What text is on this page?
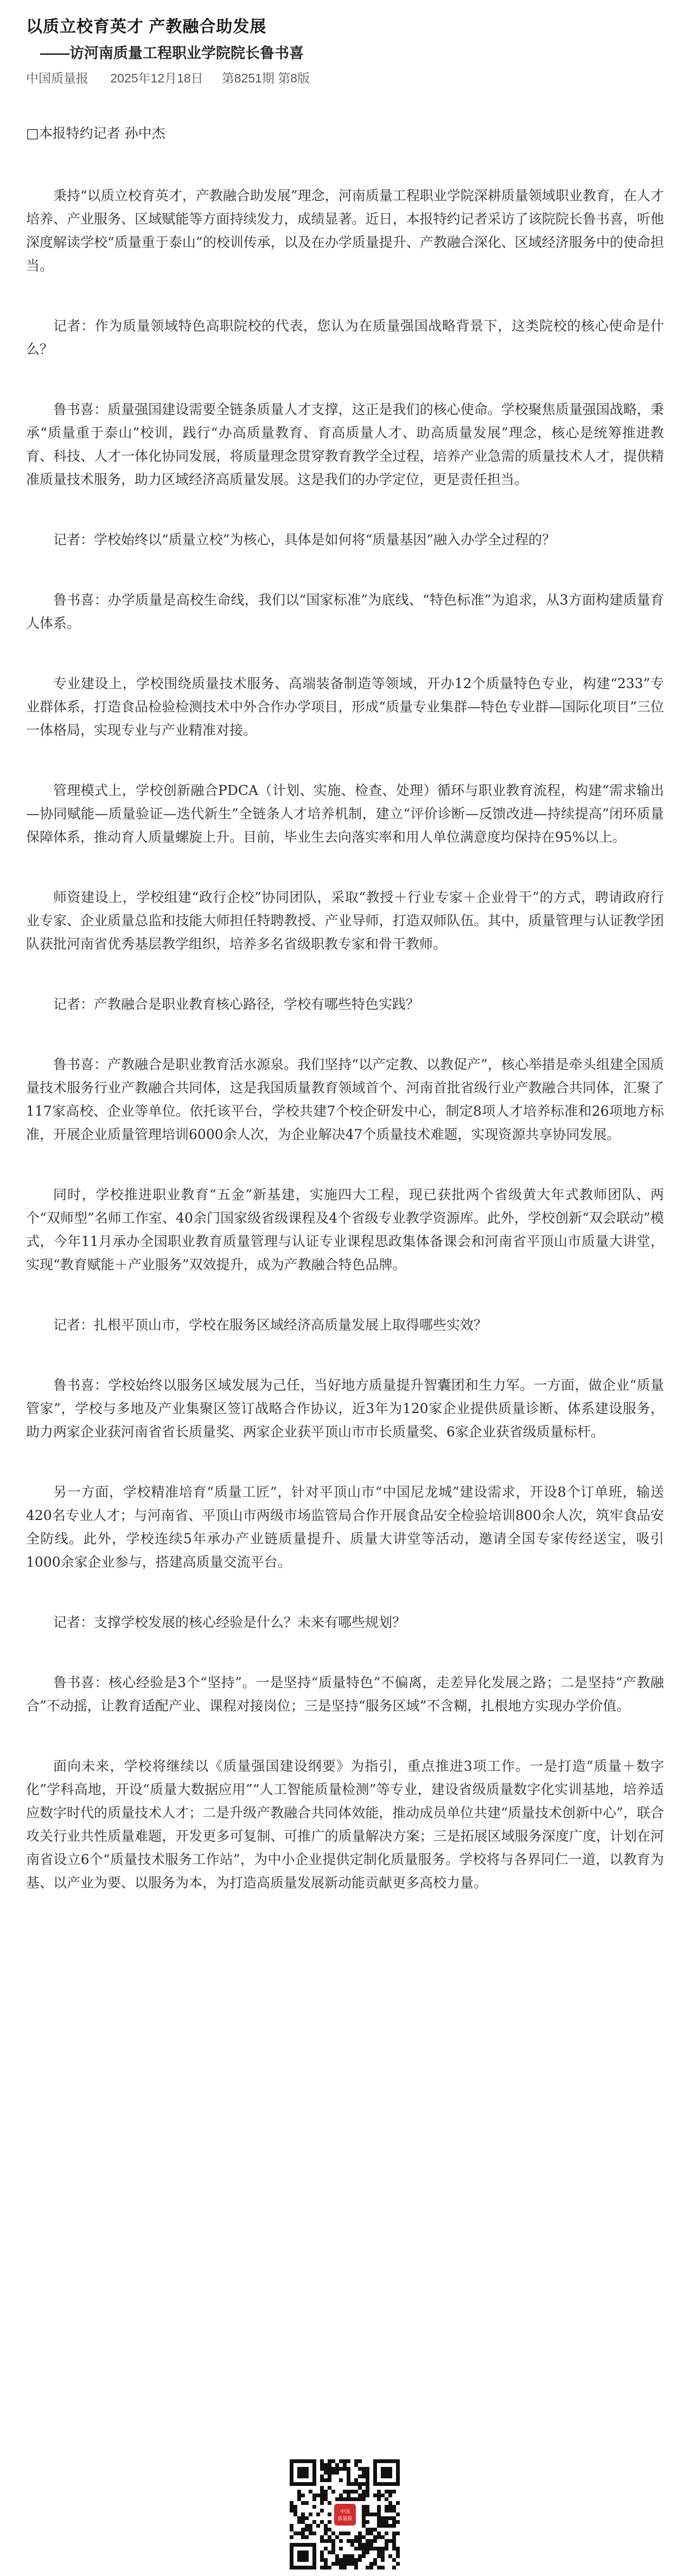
以质立校育英才 产教融合助发展
——访河南质量工程职业学院院长鲁书喜
中国质量报 2025年12月18日 第8251期 第8版

□本报特约记者 孙中杰

秉持“以质立校育英才，产教融合助发展”理念，河南质量工程职业学院深耕质量领域职业教育，在人才培养、产业服务、区域赋能等方面持续发力，成绩显著。近日，本报特约记者采访了该院院长鲁书喜，听他深度解读学校“质量重于泰山”的校训传承，以及在办学质量提升、产教融合深化、区域经济服务中的使命担当。

记者：作为质量领域特色高职院校的代表，您认为在质量强国战略背景下，这类院校的核心使命是什么？

鲁书喜：质量强国建设需要全链条质量人才支撑，这正是我们的核心使命。学校聚焦质量强国战略，秉承“质量重于泰山”校训，践行“办高质量教育、育高质量人才、助高质量发展”理念，核心是统筹推进教育、科技、人才一体化协同发展，将质量理念贯穿教育教学全过程，培养产业急需的质量技术人才，提供精准质量技术服务，助力区域经济高质量发展。这是我们的办学定位，更是责任担当。

记者：学校始终以“质量立校”为核心，具体是如何将“质量基因”融入办学全过程的？

鲁书喜：办学质量是高校生命线，我们以“国家标准”为底线、“特色标准”为追求，从3方面构建质量育人体系。

专业建设上，学校围绕质量技术服务、高端装备制造等领域，开办12个质量特色专业，构建“233”专业群体系，打造食品检验检测技术中外合作办学项目，形成“质量专业集群—特色专业群—国际化项目”三位一体格局，实现专业与产业精准对接。

管理模式上，学校创新融合PDCA（计划、实施、检查、处理）循环与职业教育流程，构建“需求输出—协同赋能—质量验证—迭代新生”全链条人才培养机制，建立“评价诊断—反馈改进—持续提高”闭环质量保障体系，推动育人质量螺旋上升。目前，毕业生去向落实率和用人单位满意度均保持在95%以上。

师资建设上，学校组建“政行企校”协同团队，采取“教授＋行业专家＋企业骨干”的方式，聘请政府行业专家、企业质量总监和技能大师担任特聘教授、产业导师，打造双师队伍。其中，质量管理与认证教学团队获批河南省优秀基层教学组织，培养多名省级职教专家和骨干教师。

记者：产教融合是职业教育核心路径，学校有哪些特色实践？

鲁书喜：产教融合是职业教育活水源泉。我们坚持“以产定教、以教促产”，核心举措是牵头组建全国质量技术服务行业产教融合共同体，这是我国质量教育领域首个、河南首批省级行业产教融合共同体，汇聚了117家高校、企业等单位。依托该平台，学校共建7个校企研发中心，制定8项人才培养标准和26项地方标准，开展企业质量管理培训6000余人次，为企业解决47个质量技术难题，实现资源共享协同发展。

同时，学校推进职业教育“五金”新基建，实施四大工程，现已获批两个省级黄大年式教师团队、两个“双师型”名师工作室、40余门国家级省级课程及4个省级专业教学资源库。此外，学校创新“双会联动”模式，今年11月承办全国职业教育质量管理与认证专业课程思政集体备课会和河南省平顶山市质量大讲堂，实现“教育赋能＋产业服务”双效提升，成为产教融合特色品牌。

记者：扎根平顶山市，学校在服务区域经济高质量发展上取得哪些实效？

鲁书喜：学校始终以服务区域发展为己任，当好地方质量提升智囊团和生力军。一方面，做企业“质量管家”，学校与多地及产业集聚区签订战略合作协议，近3年为120家企业提供质量诊断、体系建设服务，助力两家企业获河南省省长质量奖、两家企业获平顶山市市长质量奖、6家企业获省级质量标杆。

另一方面，学校精准培育“质量工匠”，针对平顶山市“中国尼龙城”建设需求，开设8个订单班，输送420名专业人才；与河南省、平顶山市两级市场监管局合作开展食品安全检验培训800余人次，筑牢食品安全防线。此外，学校连续5年承办产业链质量提升、质量大讲堂等活动，邀请全国专家传经送宝，吸引1000余家企业参与，搭建高质量交流平台。

记者：支撑学校发展的核心经验是什么？未来有哪些规划？

鲁书喜：核心经验是3个“坚持”。一是坚持“质量特色”不偏离，走差异化发展之路；二是坚持“产教融合”不动摇，让教育适配产业、课程对接岗位；三是坚持“服务区域”不含糊，扎根地方实现办学价值。

面向未来，学校将继续以《质量强国建设纲要》为指引，重点推进3项工作。一是打造“质量＋数字化”学科高地，开设“质量大数据应用”“人工智能质量检测”等专业，建设省级质量数字化实训基地，培养适应数字时代的质量技术人才；二是升级产教融合共同体效能，推动成员单位共建“质量技术创新中心”，联合攻关行业共性质量难题，开发更多可复制、可推广的质量解决方案；三是拓展区域服务深度广度，计划在河南省设立6个“质量技术服务工作站”，为中小企业提供定制化质量服务。学校将与各界同仁一道，以教育为基、以产业为要、以服务为本，为打造高质量发展新动能贡献更多高校力量。

中国
质量报
